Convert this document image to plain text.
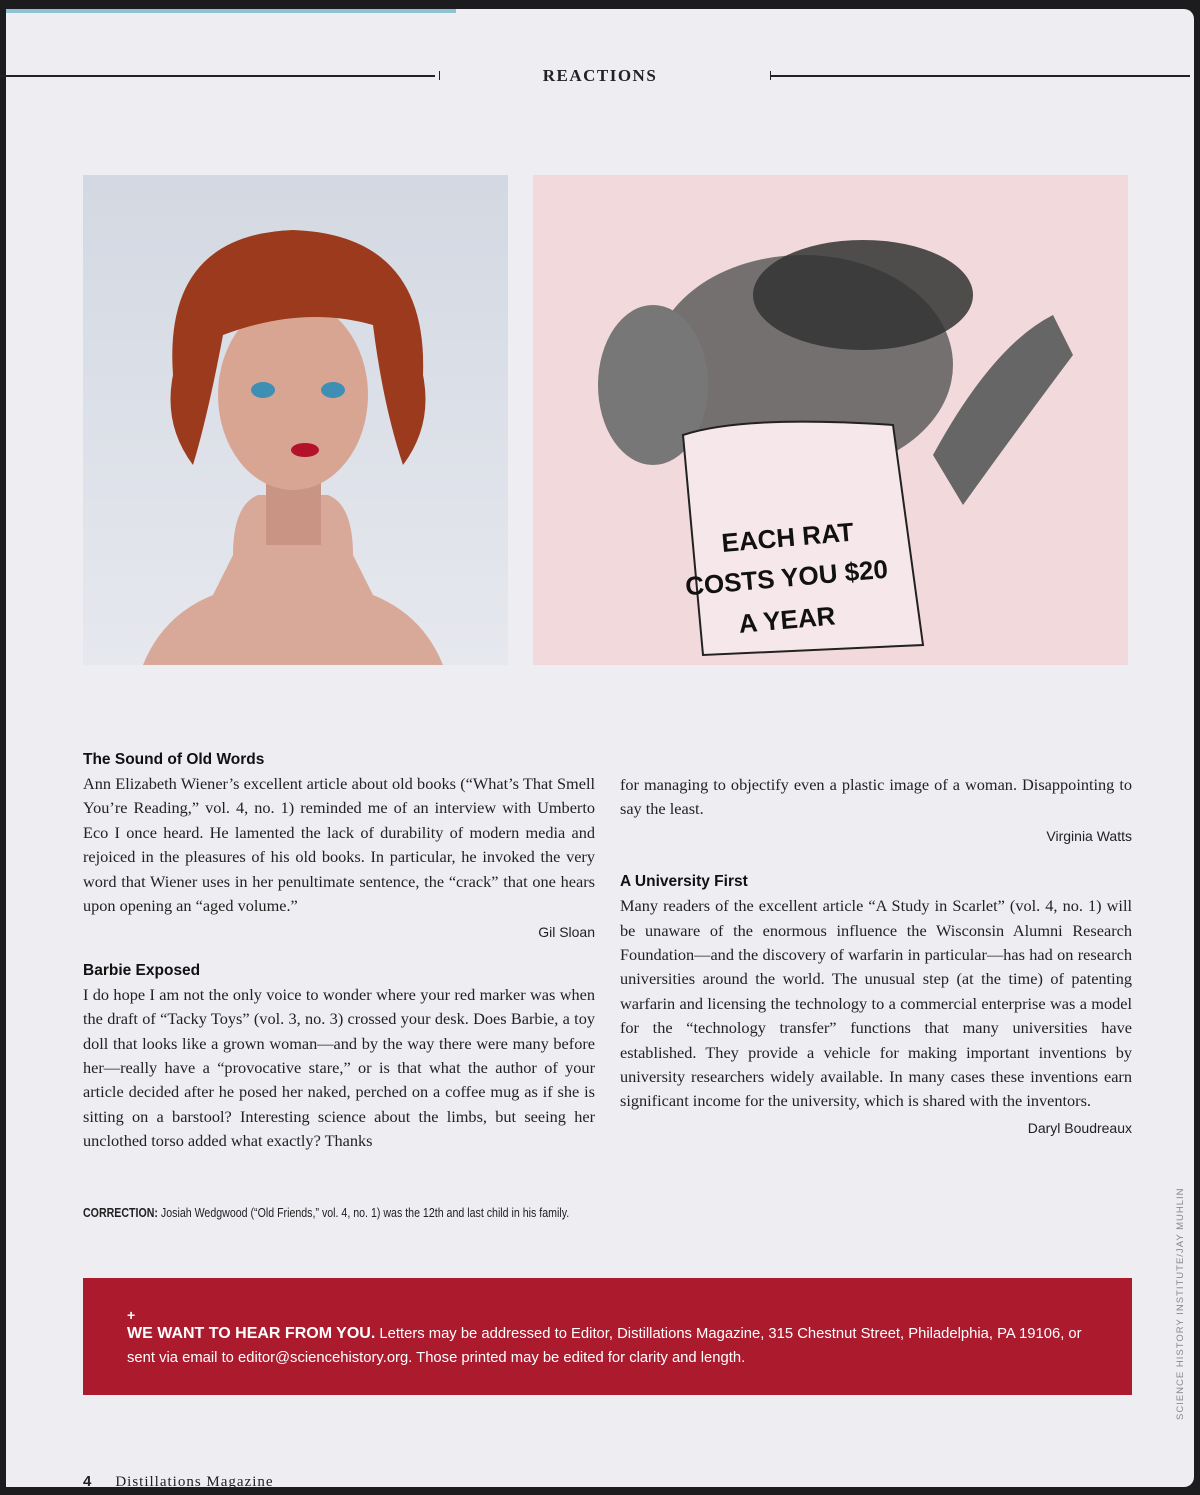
REACTIONS
EACH RAT
COSTS YOU $20
A YEAR
The Sound of Old Words

Ann Elizabeth Wiener’s excellent article about old books (“What’s That Smell You’re Reading,” vol. 4, no. 1) reminded me of an interview with Umberto Eco I once heard. He lamented the lack of durability of modern media and rejoiced in the pleasures of his old books. In particular, he invoked the very word that Wiener uses in her penultimate sentence, the “crack” that one hears upon opening an “aged volume.”

Gil Sloan
Barbie Exposed

I do hope I am not the only voice to wonder where your red marker was when the draft of “Tacky Toys” (vol. 3, no. 3) crossed your desk. Does Barbie, a toy doll that looks like a grown woman—and by the way there were many before her—really have a “provocative stare,” or is that what the author of your article decided after he posed her naked, perched on a coffee mug as if she is sitting on a barstool? Interesting science about the limbs, but seeing her unclothed torso added what exactly? Thanks

for managing to objectify even a plastic image of a woman. Disappointing to say the least.

Virginia Watts
A University First

Many readers of the excellent article “A Study in Scarlet” (vol. 4, no. 1) will be unaware of the enormous influence the Wisconsin Alumni Research Foundation—and the discovery of warfarin in particular—has had on research universities around the world. The unusual step (at the time) of patenting warfarin and licensing the technology to a commercial enterprise was a model for the “technology transfer” functions that many universities have established. They provide a vehicle for making important inventions by university researchers widely available. In many cases these inventions earn significant income for the university, which is shared with the inventors.

Daryl Boudreaux
CORRECTION: Josiah Wedgwood (“Old Friends,” vol. 4, no. 1) was the 12th and last child in his family.
+
WE WANT TO HEAR FROM YOU. Letters may be addressed to Editor, Distillations Magazine, 315 Chestnut Street, Philadelphia, PA 19106, or sent via email to editor@sciencehistory.org. Those printed may be edited for clarity and length.	SCIENCE HISTORY INSTITUTE/JAY MUHLIN
4 Distillations Magazine
